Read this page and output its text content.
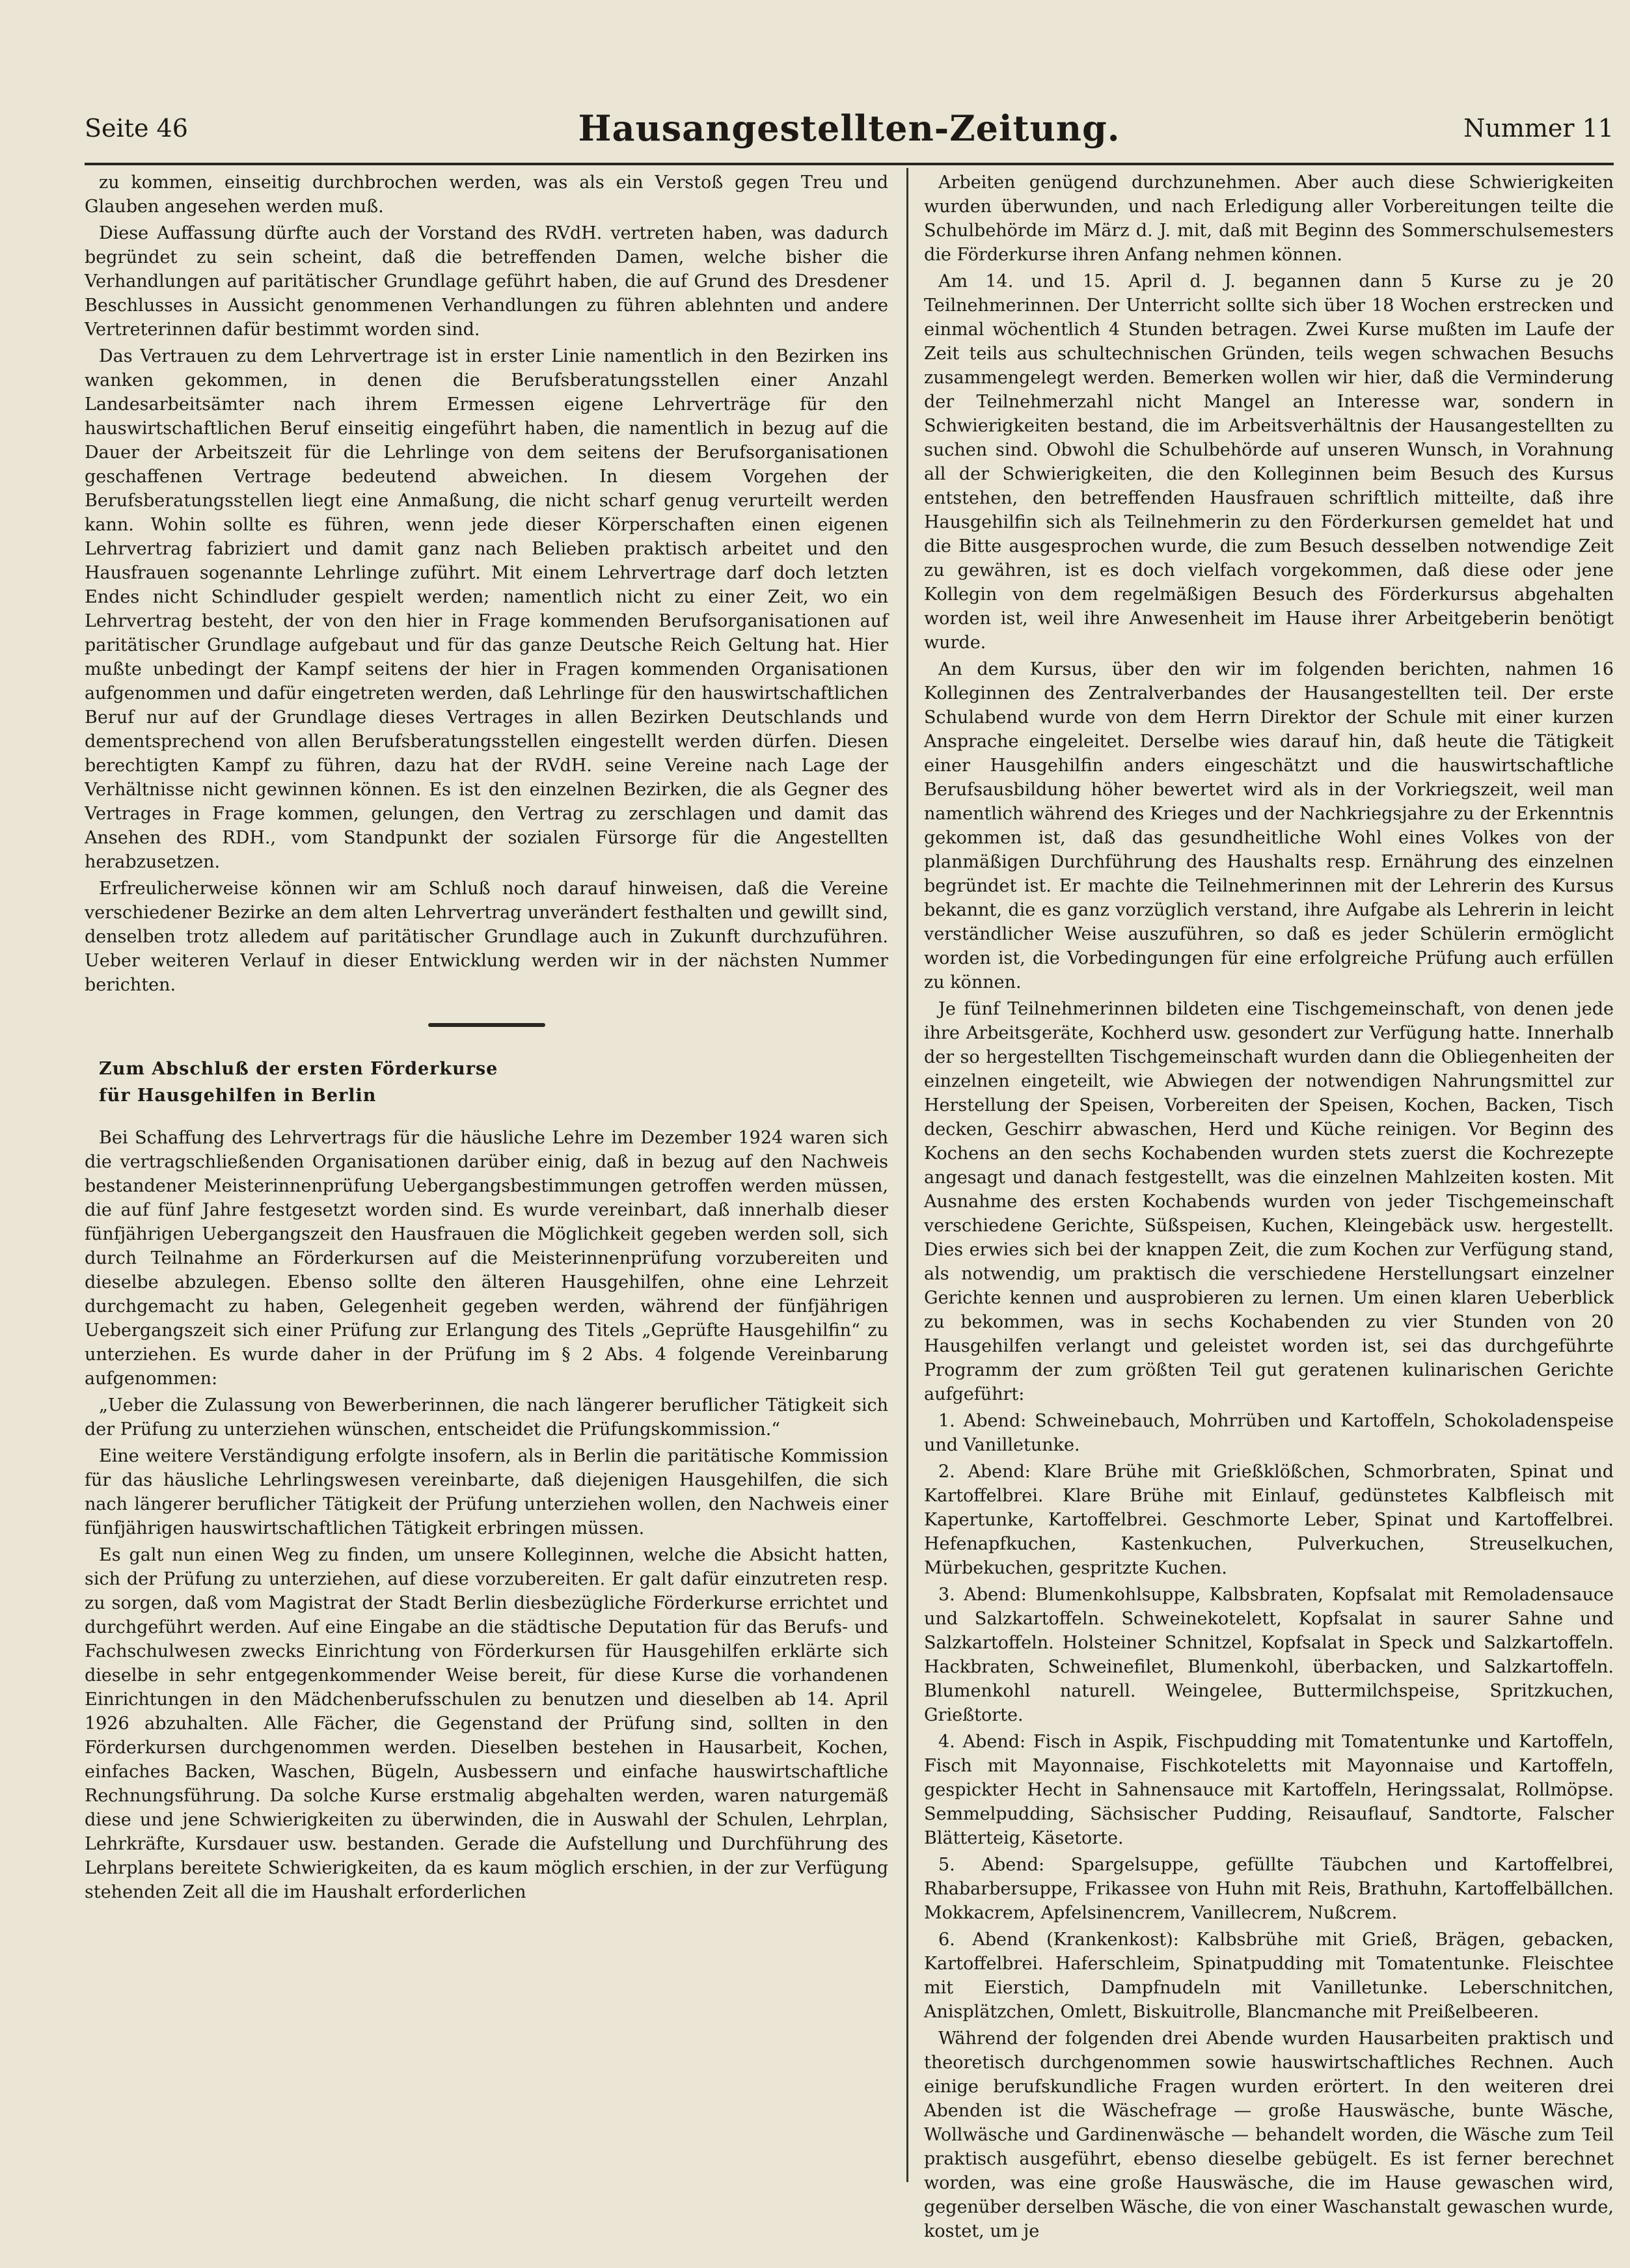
Seite 46	Hausangestellten-Zeitung.	Nummer 11

zu kommen, einseitig durchbrochen werden, was als ein Verstoß gegen Treu und Glauben angesehen werden muß.

Diese Auffassung dürfte auch der Vorstand des RVdH. vertreten haben, was dadurch begründet zu sein scheint, daß die betreffenden Damen, welche bisher die Verhandlungen auf paritätischer Grundlage geführt haben, die auf Grund des Dresdener Beschlusses in Aussicht genommenen Verhandlungen zu führen ablehnten und andere Vertreterinnen dafür bestimmt worden sind.

Das Vertrauen zu dem Lehrvertrage ist in erster Linie namentlich in den Bezirken ins wanken gekommen, in denen die Berufsberatungsstellen einer Anzahl Landesarbeitsämter nach ihrem Ermessen eigene Lehrverträge für den hauswirtschaftlichen Beruf einseitig eingeführt haben, die namentlich in bezug auf die Dauer der Arbeitszeit für die Lehrlinge von dem seitens der Berufsorganisationen geschaffenen Vertrage bedeutend abweichen. In diesem Vorgehen der Berufsberatungsstellen liegt eine Anmaßung, die nicht scharf genug verurteilt werden kann. Wohin sollte es führen, wenn jede dieser Körperschaften einen eigenen Lehrvertrag fabriziert und damit ganz nach Belieben praktisch arbeitet und den Hausfrauen sogenannte Lehrlinge zuführt. Mit einem Lehrvertrage darf doch letzten Endes nicht Schindluder gespielt werden; namentlich nicht zu einer Zeit, wo ein Lehrvertrag besteht, der von den hier in Frage kommenden Berufsorganisationen auf paritätischer Grundlage aufgebaut und für das ganze Deutsche Reich Geltung hat. Hier mußte unbedingt der Kampf seitens der hier in Fragen kommenden Organisationen aufgenommen und dafür eingetreten werden, daß Lehrlinge für den hauswirtschaftlichen Beruf nur auf der Grundlage dieses Vertrages in allen Bezirken Deutschlands und dementsprechend von allen Berufsberatungsstellen eingestellt werden dürfen. Diesen berechtigten Kampf zu führen, dazu hat der RVdH. seine Vereine nach Lage der Verhältnisse nicht gewinnen können. Es ist den einzelnen Bezirken, die als Gegner des Vertrages in Frage kommen, gelungen, den Vertrag zu zerschlagen und damit das Ansehen des RDH., vom Standpunkt der sozialen Fürsorge für die Angestellten herabzusetzen.

Erfreulicherweise können wir am Schluß noch darauf hinweisen, daß die Vereine verschiedener Bezirke an dem alten Lehrvertrag unverändert festhalten und gewillt sind, denselben trotz alledem auf paritätischer Grundlage auch in Zukunft durchzuführen. Ueber weiteren Verlauf in dieser Entwicklung werden wir in der nächsten Nummer berichten.

Zum Abschluß der ersten Förderkurse

für Hausgehilfen in Berlin

Bei Schaffung des Lehrvertrags für die häusliche Lehre im Dezember 1924 waren sich die vertragschließenden Organisationen darüber einig, daß in bezug auf den Nachweis bestandener Meisterinnenprüfung Uebergangsbestimmungen getroffen werden müssen, die auf fünf Jahre festgesetzt worden sind. Es wurde vereinbart, daß innerhalb dieser fünfjährigen Uebergangszeit den Hausfrauen die Möglichkeit gegeben werden soll, sich durch Teilnahme an Förderkursen auf die Meisterinnenprüfung vorzubereiten und dieselbe abzulegen. Ebenso sollte den älteren Hausgehilfen, ohne eine Lehrzeit durchgemacht zu haben, Gelegenheit gegeben werden, während der fünfjährigen Uebergangszeit sich einer Prüfung zur Erlangung des Titels „Geprüfte Hausgehilfin“ zu unterziehen. Es wurde daher in der Prüfung im § 2 Abs. 4 folgende Vereinbarung aufgenommen:

„Ueber die Zulassung von Bewerberinnen, die nach längerer beruflicher Tätigkeit sich der Prüfung zu unterziehen wünschen, entscheidet die Prüfungskommission.“

Eine weitere Verständigung erfolgte insofern, als in Berlin die paritätische Kommission für das häusliche Lehrlingswesen vereinbarte, daß diejenigen Hausgehilfen, die sich nach längerer beruflicher Tätigkeit der Prüfung unterziehen wollen, den Nachweis einer fünfjährigen hauswirtschaftlichen Tätigkeit erbringen müssen.

Es galt nun einen Weg zu finden, um unsere Kolleginnen, welche die Absicht hatten, sich der Prüfung zu unterziehen, auf diese vorzubereiten. Er galt dafür einzutreten resp. zu sorgen, daß vom Magistrat der Stadt Berlin diesbezügliche Förderkurse errichtet und durchgeführt werden. Auf eine Eingabe an die städtische Deputation für das Berufs- und Fachschulwesen zwecks Einrichtung von Förderkursen für Hausgehilfen erklärte sich dieselbe in sehr entgegenkommender Weise bereit, für diese Kurse die vorhandenen Einrichtungen in den Mädchenberufsschulen zu benutzen und dieselben ab 14. April 1926 abzuhalten. Alle Fächer, die Gegenstand der Prüfung sind, sollten in den Förderkursen durchgenommen werden. Dieselben bestehen in Hausarbeit, Kochen, einfaches Backen, Waschen, Bügeln, Ausbessern und einfache hauswirtschaftliche Rechnungsführung. Da solche Kurse erstmalig abgehalten werden, waren naturgemäß diese und jene Schwierigkeiten zu überwinden, die in Auswahl der Schulen, Lehrplan, Lehrkräfte, Kursdauer usw. bestanden. Gerade die Aufstellung und Durchführung des Lehrplans bereitete Schwierigkeiten, da es kaum möglich erschien, in der zur Verfügung stehenden Zeit all die im Haushalt erforderlichen

Arbeiten genügend durchzunehmen. Aber auch diese Schwierigkeiten wurden überwunden, und nach Erledigung aller Vorbereitungen teilte die Schulbehörde im März d. J. mit, daß mit Beginn des Sommerschulsemesters die Förderkurse ihren Anfang nehmen können.

Am 14. und 15. April d. J. begannen dann 5 Kurse zu je 20 Teilnehmerinnen. Der Unterricht sollte sich über 18 Wochen erstrecken und einmal wöchentlich 4 Stunden betragen. Zwei Kurse mußten im Laufe der Zeit teils aus schultechnischen Gründen, teils wegen schwachen Besuchs zusammengelegt werden. Bemerken wollen wir hier, daß die Verminderung der Teilnehmerzahl nicht Mangel an Interesse war, sondern in Schwierigkeiten bestand, die im Arbeitsverhältnis der Hausangestellten zu suchen sind. Obwohl die Schulbehörde auf unseren Wunsch, in Vorahnung all der Schwierigkeiten, die den Kolleginnen beim Besuch des Kursus entstehen, den betreffenden Hausfrauen schriftlich mitteilte, daß ihre Hausgehilfin sich als Teilnehmerin zu den Förderkursen gemeldet hat und die Bitte ausgesprochen wurde, die zum Besuch desselben notwendige Zeit zu gewähren, ist es doch vielfach vorgekommen, daß diese oder jene Kollegin von dem regelmäßigen Besuch des Förderkursus abgehalten worden ist, weil ihre Anwesenheit im Hause ihrer Arbeitgeberin benötigt wurde.

An dem Kursus, über den wir im folgenden berichten, nahmen 16 Kolleginnen des Zentralverbandes der Hausangestellten teil. Der erste Schulabend wurde von dem Herrn Direktor der Schule mit einer kurzen Ansprache eingeleitet. Derselbe wies darauf hin, daß heute die Tätigkeit einer Hausgehilfin anders eingeschätzt und die hauswirtschaftliche Berufsausbildung höher bewertet wird als in der Vorkriegszeit, weil man namentlich während des Krieges und der Nachkriegsjahre zu der Erkenntnis gekommen ist, daß das gesundheitliche Wohl eines Volkes von der planmäßigen Durchführung des Haushalts resp. Ernährung des einzelnen begründet ist. Er machte die Teilnehmerinnen mit der Lehrerin des Kursus bekannt, die es ganz vorzüglich verstand, ihre Aufgabe als Lehrerin in leicht verständlicher Weise auszuführen, so daß es jeder Schülerin ermöglicht worden ist, die Vorbedingungen für eine erfolgreiche Prüfung auch erfüllen zu können.

Je fünf Teilnehmerinnen bildeten eine Tischgemeinschaft, von denen jede ihre Arbeitsgeräte, Kochherd usw. gesondert zur Verfügung hatte. Innerhalb der so hergestellten Tischgemeinschaft wurden dann die Obliegenheiten der einzelnen eingeteilt, wie Abwiegen der notwendigen Nahrungsmittel zur Herstellung der Speisen, Vorbereiten der Speisen, Kochen, Backen, Tisch decken, Geschirr abwaschen, Herd und Küche reinigen. Vor Beginn des Kochens an den sechs Kochabenden wurden stets zuerst die Kochrezepte angesagt und danach festgestellt, was die einzelnen Mahlzeiten kosten. Mit Ausnahme des ersten Kochabends wurden von jeder Tischgemeinschaft verschiedene Gerichte, Süßspeisen, Kuchen, Kleingebäck usw. hergestellt. Dies erwies sich bei der knappen Zeit, die zum Kochen zur Verfügung stand, als notwendig, um praktisch die verschiedene Herstellungsart einzelner Gerichte kennen und ausprobieren zu lernen. Um einen klaren Ueberblick zu bekommen, was in sechs Kochabenden zu vier Stunden von 20 Hausgehilfen verlangt und geleistet worden ist, sei das durchgeführte Programm der zum größten Teil gut geratenen kulinarischen Gerichte aufgeführt:

1. Abend: Schweinebauch, Mohrrüben und Kartoffeln, Schokoladenspeise und Vanilletunke.

2. Abend: Klare Brühe mit Grießklößchen, Schmorbraten, Spinat und Kartoffelbrei. Klare Brühe mit Einlauf, gedünstetes Kalbfleisch mit Kapertunke, Kartoffelbrei. Geschmorte Leber, Spinat und Kartoffelbrei. Hefenapfkuchen, Kastenkuchen, Pulverkuchen, Streuselkuchen, Mürbekuchen, gespritzte Kuchen.

3. Abend: Blumenkohlsuppe, Kalbsbraten, Kopfsalat mit Remoladensauce und Salzkartoffeln. Schweinekotelett, Kopfsalat in saurer Sahne und Salzkartoffeln. Holsteiner Schnitzel, Kopfsalat in Speck und Salzkartoffeln. Hackbraten, Schweinefilet, Blumenkohl, überbacken, und Salzkartoffeln. Blumenkohl naturell. Weingelee, Buttermilchspeise, Spritzkuchen, Grießtorte.

4. Abend: Fisch in Aspik, Fischpudding mit Tomatentunke und Kartoffeln, Fisch mit Mayonnaise, Fischkoteletts mit Mayonnaise und Kartoffeln, gespickter Hecht in Sahnensauce mit Kartoffeln, Heringssalat, Rollmöpse. Semmelpudding, Sächsischer Pudding, Reisauflauf, Sandtorte, Falscher Blätterteig, Käsetorte.

5. Abend: Spargelsuppe, gefüllte Täubchen und Kartoffelbrei, Rhabarbersuppe, Frikassee von Huhn mit Reis, Brathuhn, Kartoffelbällchen. Mokkacrem, Apfelsinencrem, Vanillecrem, Nußcrem.

6. Abend (Krankenkost): Kalbsbrühe mit Grieß, Brägen, gebacken, Kartoffelbrei. Haferschleim, Spinatpudding mit Tomatentunke. Fleischtee mit Eierstich, Dampfnudeln mit Vanilletunke. Leberschnitchen, Anisplätzchen, Omlett, Biskuitrolle, Blancmanche mit Preißelbeeren.

Während der folgenden drei Abende wurden Hausarbeiten praktisch und theoretisch durchgenommen sowie hauswirtschaftliches Rechnen. Auch einige berufskundliche Fragen wurden erörtert. In den weiteren drei Abenden ist die Wäschefrage — große Hauswäsche, bunte Wäsche, Wollwäsche und Gardinenwäsche — behandelt worden, die Wäsche zum Teil praktisch ausgeführt, ebenso dieselbe gebügelt. Es ist ferner berechnet worden, was eine große Hauswäsche, die im Hause gewaschen wird, gegenüber derselben Wäsche, die von einer Waschanstalt gewaschen wurde, kostet, um je
